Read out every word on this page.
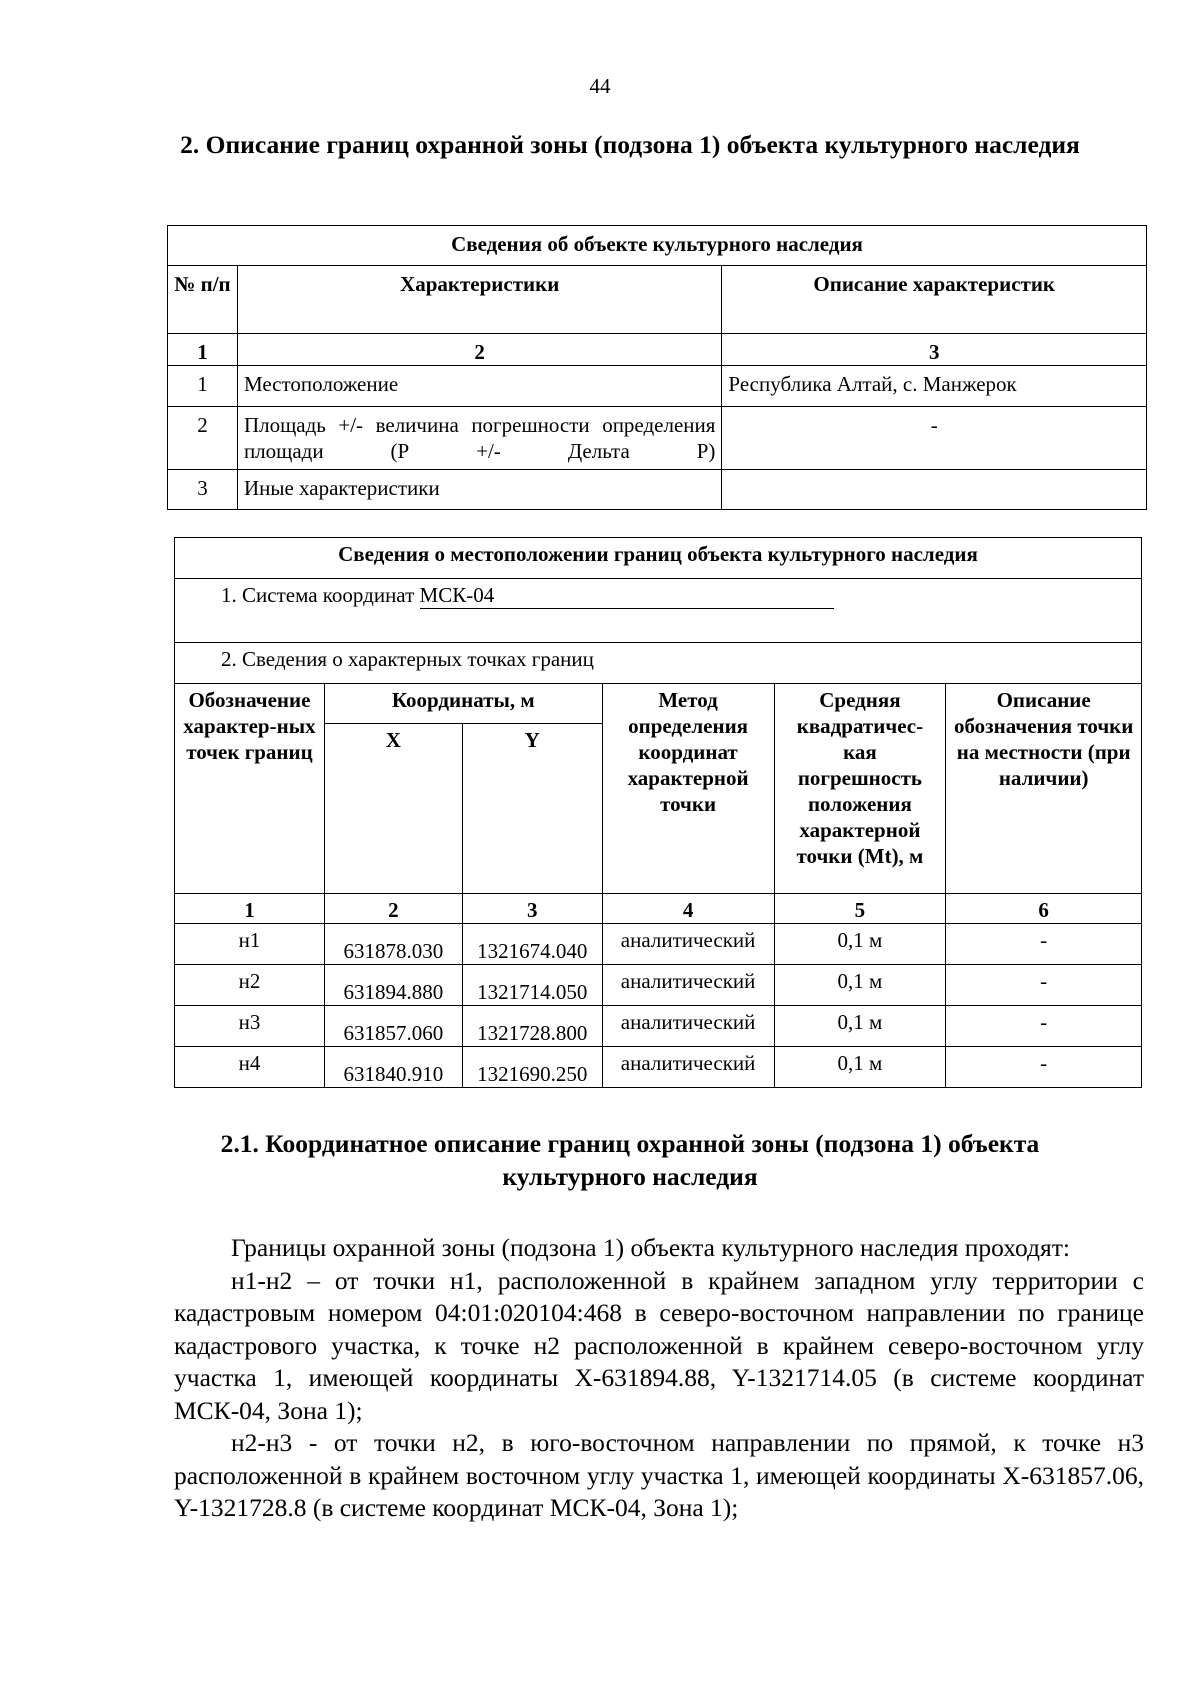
44
2. Описание границ охранной зоны (подзона 1) объекта культурного наследия
Сведения об объекте культурного наследия		
№ п/п	Характеристики	Описание характеристик
1	2	3
1	Местоположение	Республика Алтай, с. Манжерок
2	Площадь +/- величина погрешности определения площади (Р +/- Дельта Р)	-
3	Иные характеристики	
Сведения о местоположении границ объекта культурного наследия					
1. Система координат МСК-04					
2. Сведения о характерных точках границ					
Обозначение характер-ных точек границ	Координаты, м		Метод определения координат характерной точки	Средняя квадратичес-кая погрешность положения характерной точки (Mt), м	Описание обозначения точки на местности (при наличии)
	X	Y			
1	2	3	4	5	6
н1	631878.030	1321674.040	аналитический	0,1 м	-
н2	631894.880	1321714.050	аналитический	0,1 м	-
н3	631857.060	1321728.800	аналитический	0,1 м	-
н4	631840.910	1321690.250	аналитический	0,1 м	-
2.1. Координатное описание границ охранной зоны (подзона 1) объекта культурного наследия

Границы охранной зоны (подзона 1) объекта культурного наследия проходят:

н1-н2 – от точки н1, расположенной в крайнем западном углу территории с кадастровым номером 04:01:020104:468 в северо-восточном направлении по границе кадастрового участка, к точке н2 расположенной в крайнем северо-восточном углу участка 1, имеющей координаты X-631894.88, Y-1321714.05 (в системе координат МСК-04, Зона 1);

н2-н3 - от точки н2, в юго-восточном направлении по прямой, к точке н3 расположенной в крайнем восточном углу участка 1, имеющей координаты X-631857.06, Y-1321728.8 (в системе координат МСК-04, Зона 1);
